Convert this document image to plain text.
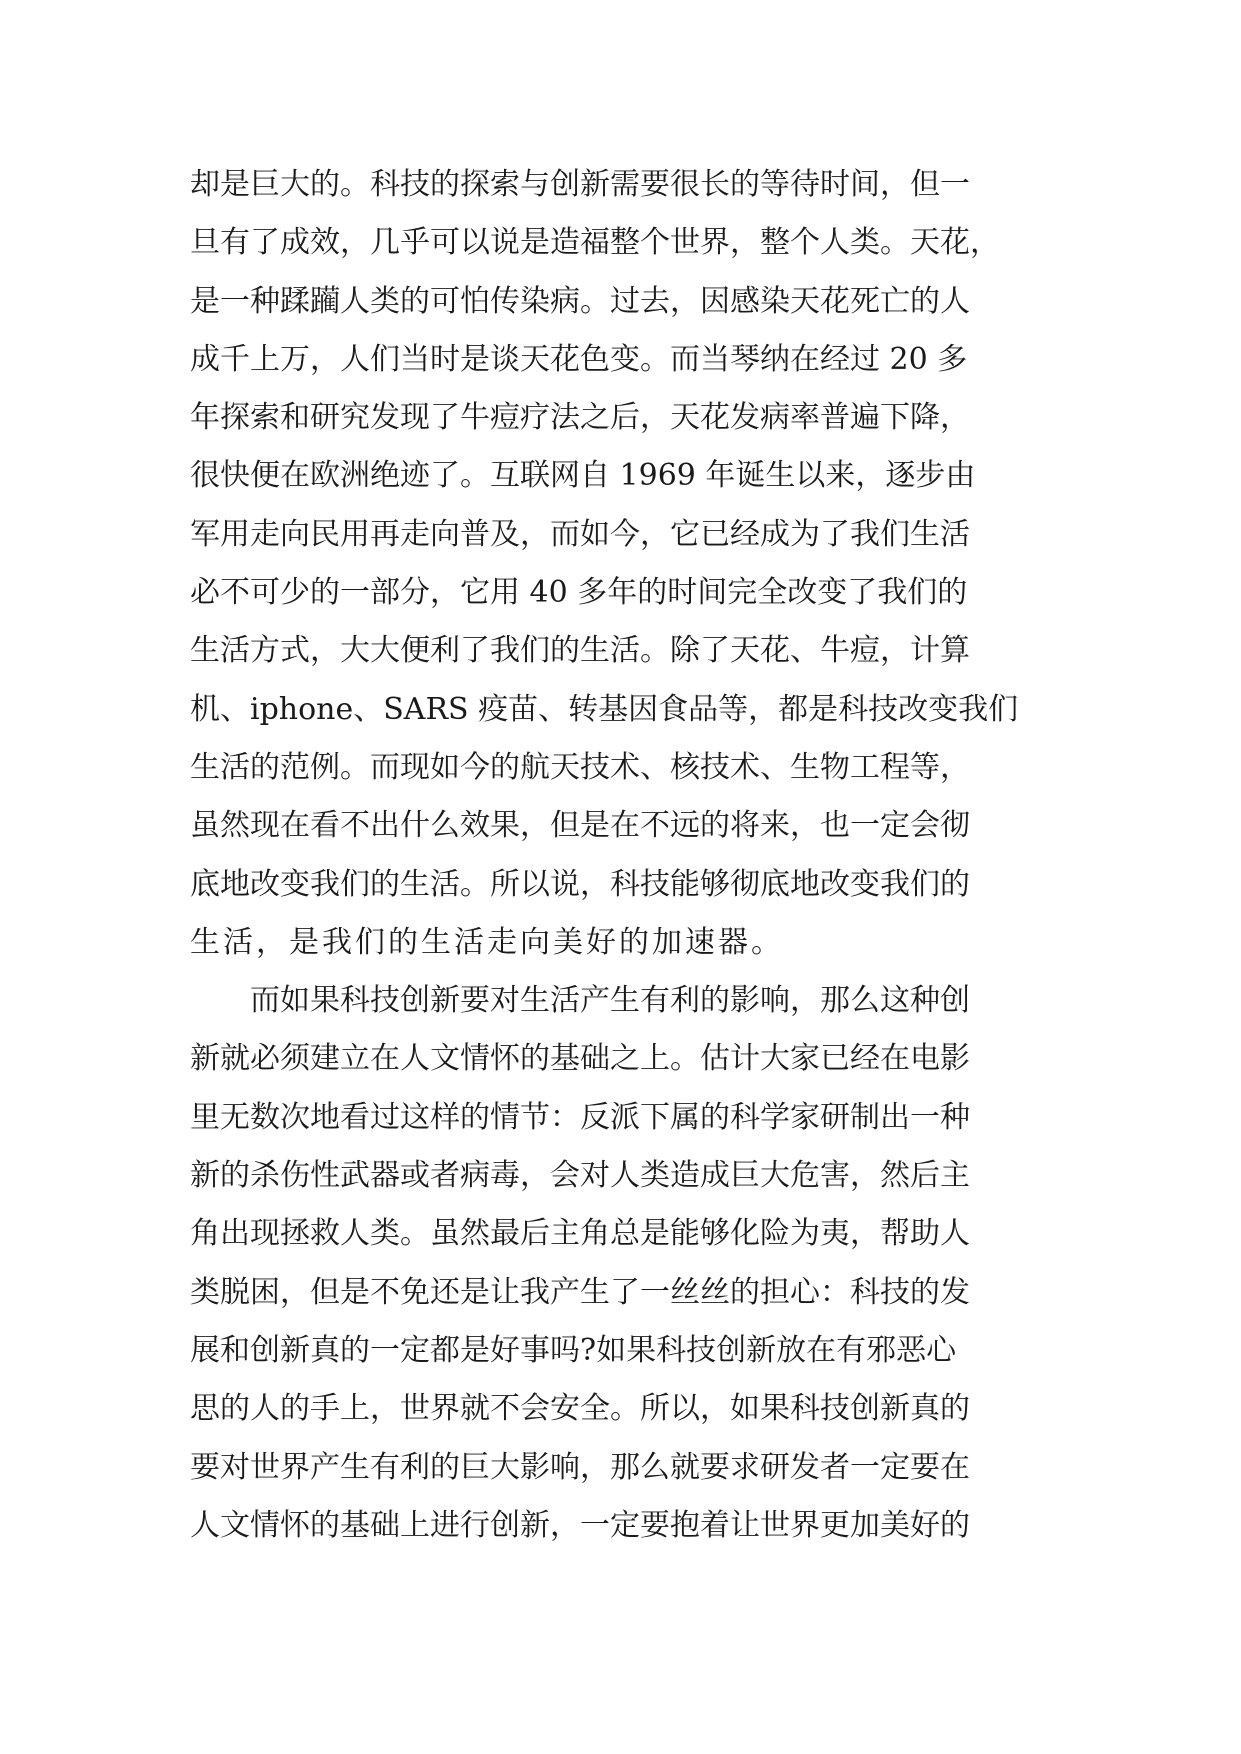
却是巨大的。科技的探索与创新需要很长的等待时间，但一
旦有了成效，几乎可以说是造福整个世界，整个人类。天花，
是一种蹂躏人类的可怕传染病。过去，因感染天花死亡的人
成千上万，人们当时是谈天花色变。而当琴纳在经过 20 多
年探索和研究发现了牛痘疗法之后，天花发病率普遍下降，
很快便在欧洲绝迹了。互联网自 1969 年诞生以来，逐步由
军用走向民用再走向普及，而如今，它已经成为了我们生活
必不可少的一部分，它用 40 多年的时间完全改变了我们的
生活方式，大大便利了我们的生活。除了天花、牛痘，计算
机、iphone、SARS 疫苗、转基因食品等，都是科技改变我们
生活的范例。而现如今的航天技术、核技术、生物工程等，
虽然现在看不出什么效果，但是在不远的将来，也一定会彻
底地改变我们的生活。所以说，科技能够彻底地改变我们的
生活，是我们的生活走向美好的加速器。
而如果科技创新要对生活产生有利的影响，那么这种创
新就必须建立在人文情怀的基础之上。估计大家已经在电影
里无数次地看过这样的情节：反派下属的科学家研制出一种
新的杀伤性武器或者病毒，会对人类造成巨大危害，然后主
角出现拯救人类。虽然最后主角总是能够化险为夷，帮助人
类脱困，但是不免还是让我产生了一丝丝的担心：科技的发
展和创新真的一定都是好事吗?如果科技创新放在有邪恶心
思的人的手上，世界就不会安全。所以，如果科技创新真的
要对世界产生有利的巨大影响，那么就要求研发者一定要在
人文情怀的基础上进行创新，一定要抱着让世界更加美好的
